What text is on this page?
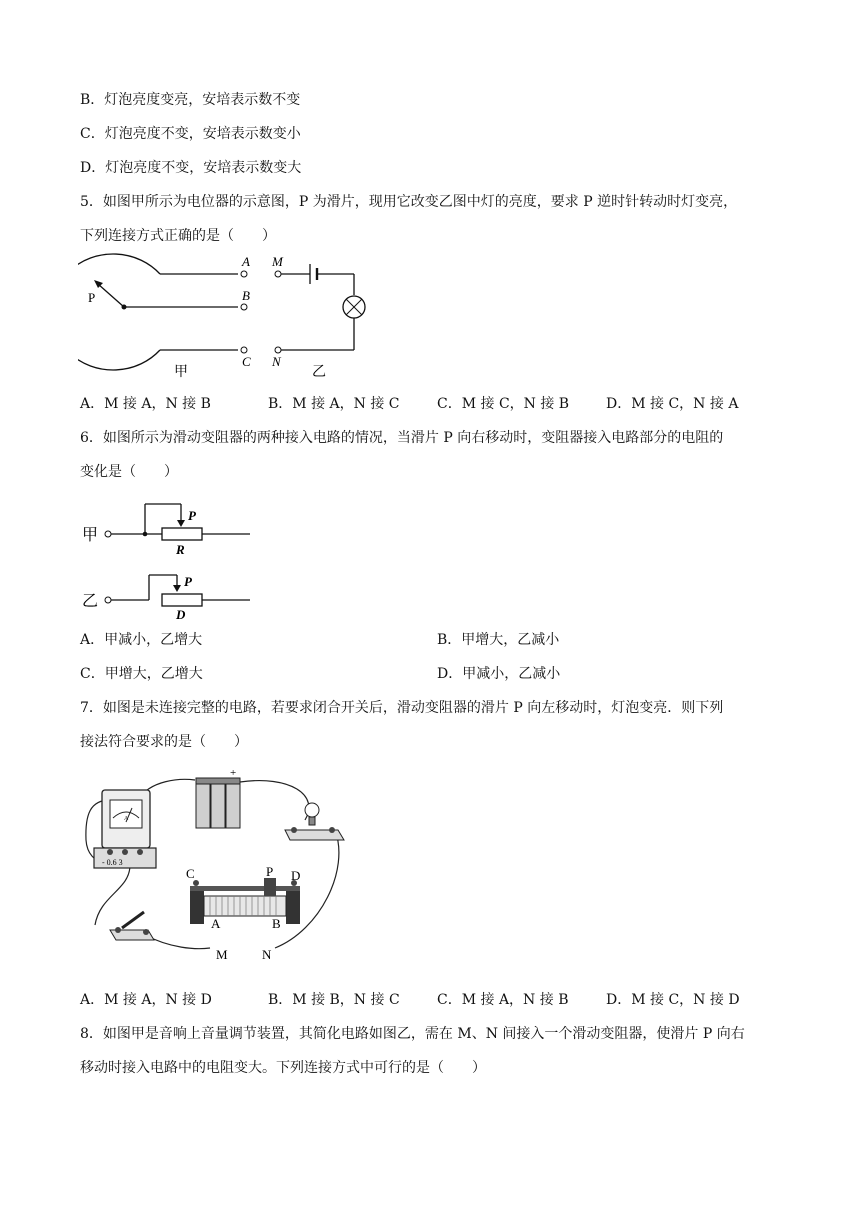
B．灯泡亮度变亮，安培表示数不变
C．灯泡亮度不变，安培表示数变小
D．灯泡亮度不变，安培表示数变大
5．如图甲所示为电位器的示意图，P 为滑片，现用它改变乙图中灯的亮度，要求 P 逆时针转动时灯变亮，
下列连接方式正确的是（　　）
P
A
B
C
M
N
甲	乙
A．M 接 A，N 接 B	B．M 接 A，N 接 C	C．M 接 C，N 接 B	D．M 接 C，N 接 A
6．如图所示为滑动变阻器的两种接入电路的情况，当滑片 P 向右移动时，变阻器接入电路部分的电阻的
变化是（　　）
甲
P
R
乙
P
D
A．甲减小，乙增大	B．甲增大，乙减小
C．甲增大，乙增大	D．甲减小，乙减小
7．如图是未连接完整的电路，若要求闭合开关后，滑动变阻器的滑片 P 向左移动时，灯泡变亮．则下列
接法符合要求的是（　　）
A
- 0.6 3
+
C	P D
A	B
M	N
A．M 接 A，N 接 D	B．M 接 B，N 接 C	C．M 接 A，N 接 B	D．M 接 C，N 接 D
8．如图甲是音响上音量调节装置，其简化电路如图乙，需在 M、N 间接入一个滑动变阻器，使滑片 P 向右
移动时接入电路中的电阻变大。下列连接方式中可行的是（　　）
